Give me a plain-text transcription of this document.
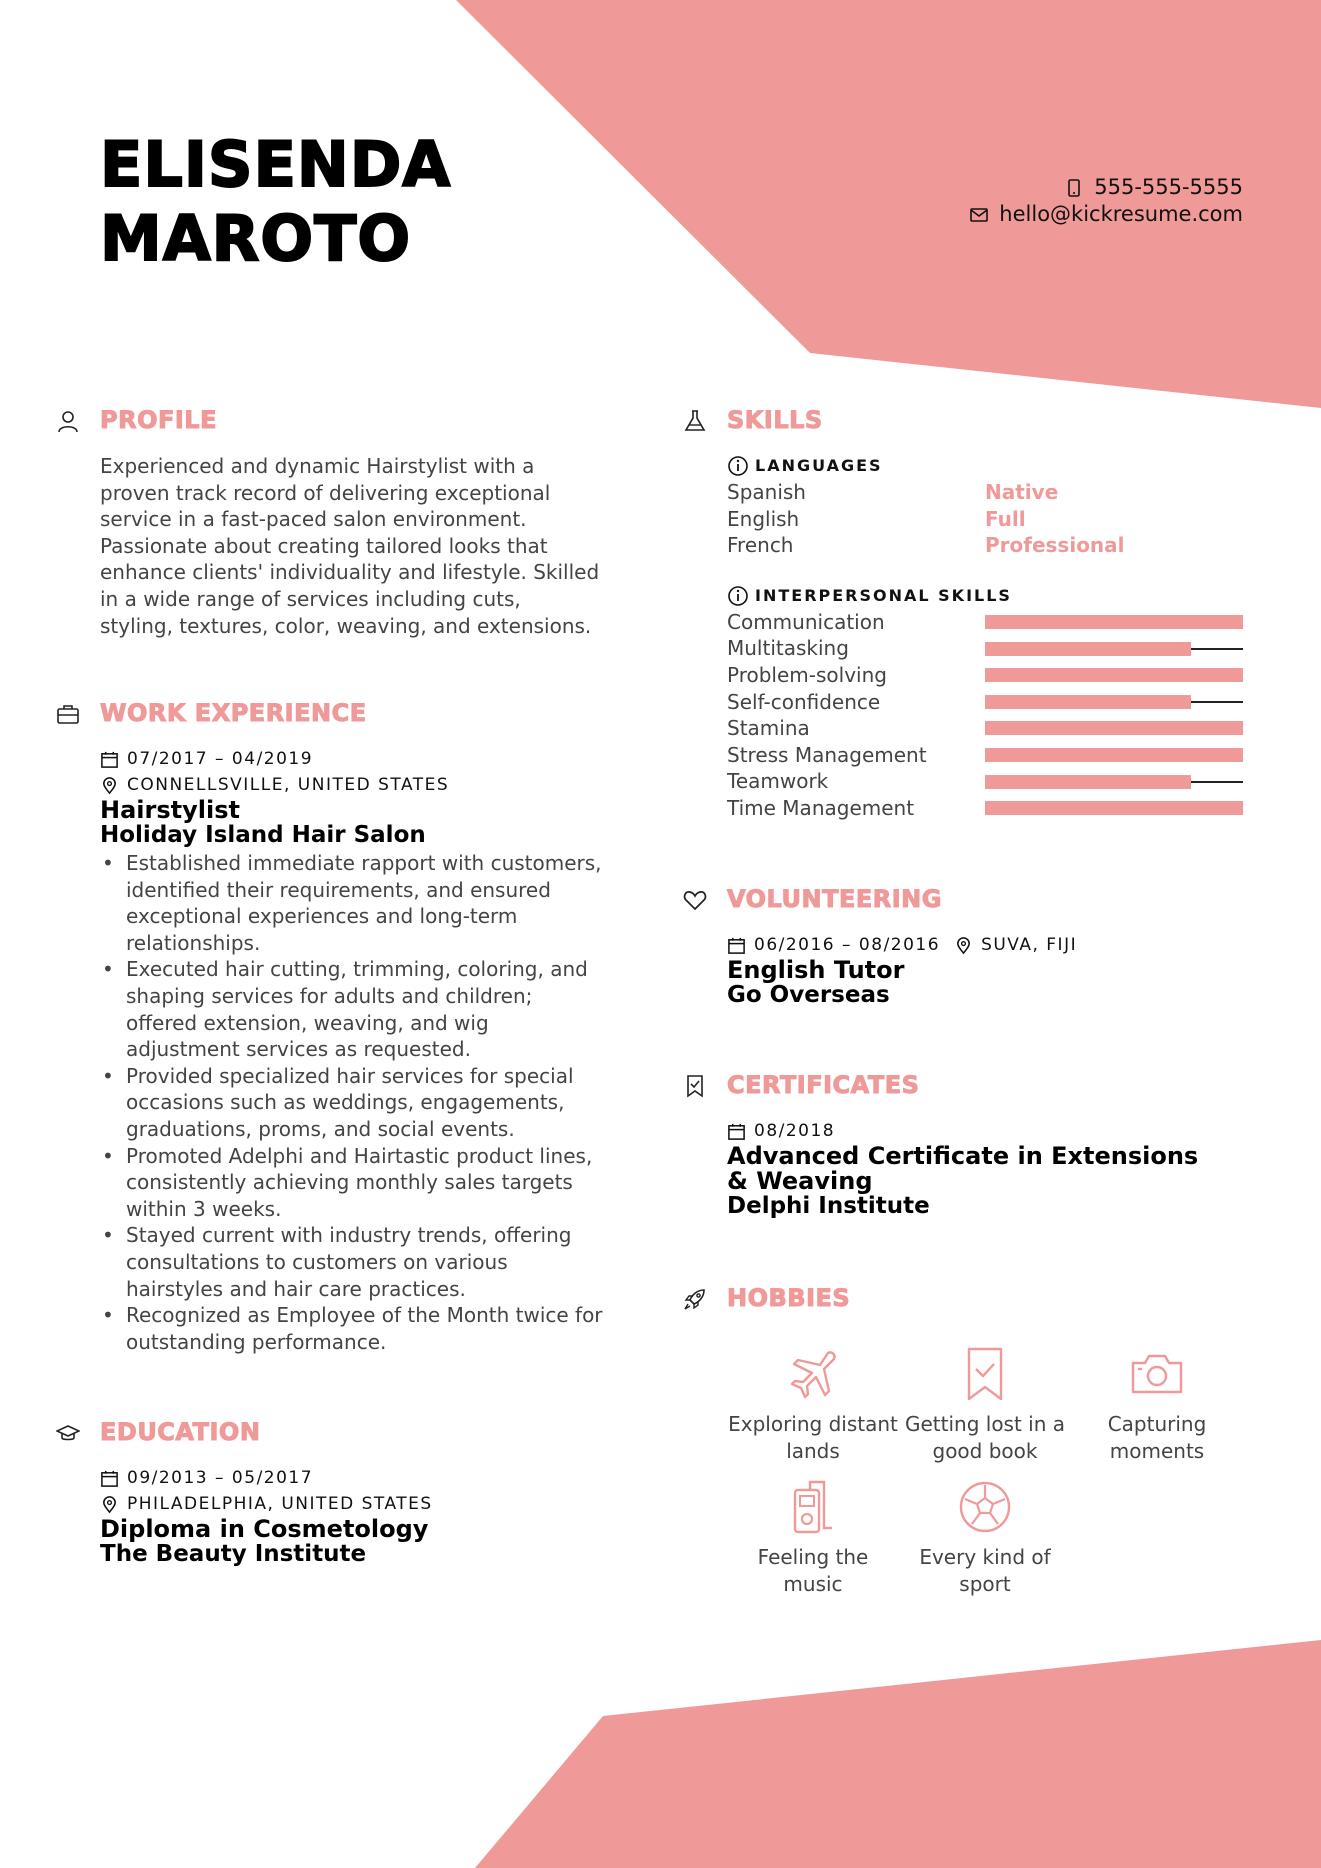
ELISENDA
MAROTO
555-555-5555
hello@kickresume.com
PROFILE
Experienced and dynamic Hairstylist with a proven track record of delivering exceptional service in a fast-paced salon environment. Passionate about creating tailored looks that enhance clients' individuality and lifestyle. Skilled in a wide range of services including cuts, styling, textures, color, weaving, and extensions.
WORK EXPERIENCE
07/2017 – 04/2019
CONNELLSVILLE, UNITED STATES
Hairstylist
Holiday Island Hair Salon
• Established immediate rapport with customers, identified their requirements, and ensured exceptional experiences and long-term relationships.
• Executed hair cutting, trimming, coloring, and shaping services for adults and children; offered extension, weaving, and wig adjustment services as requested.
• Provided specialized hair services for special occasions such as weddings, engagements, graduations, proms, and social events.
• Promoted Adelphi and Hairtastic product lines, consistently achieving monthly sales targets within 3 weeks.
• Stayed current with industry trends, offering consultations to customers on various hairstyles and hair care practices.
• Recognized as Employee of the Month twice for outstanding performance.
EDUCATION
09/2013 – 05/2017
PHILADELPHIA, UNITED STATES
Diploma in Cosmetology
The Beauty Institute
SKILLS
LANGUAGES
Spanish	Native
English	Full
French	Professional
INTERPERSONAL SKILLS
Communication
Multitasking
Problem-solving
Self-confidence
Stamina
Stress Management
Teamwork
Time Management
VOLUNTEERING
06/2016 – 08/2016 SUVA, FIJI
English Tutor
Go Overseas
CERTIFICATES
08/2018
Advanced Certificate in Extensions & Weaving
Delphi Institute
HOBBIES
Exploring distant lands
Getting lost in a good book
Capturing moments
Feeling the music
Every kind of sport
